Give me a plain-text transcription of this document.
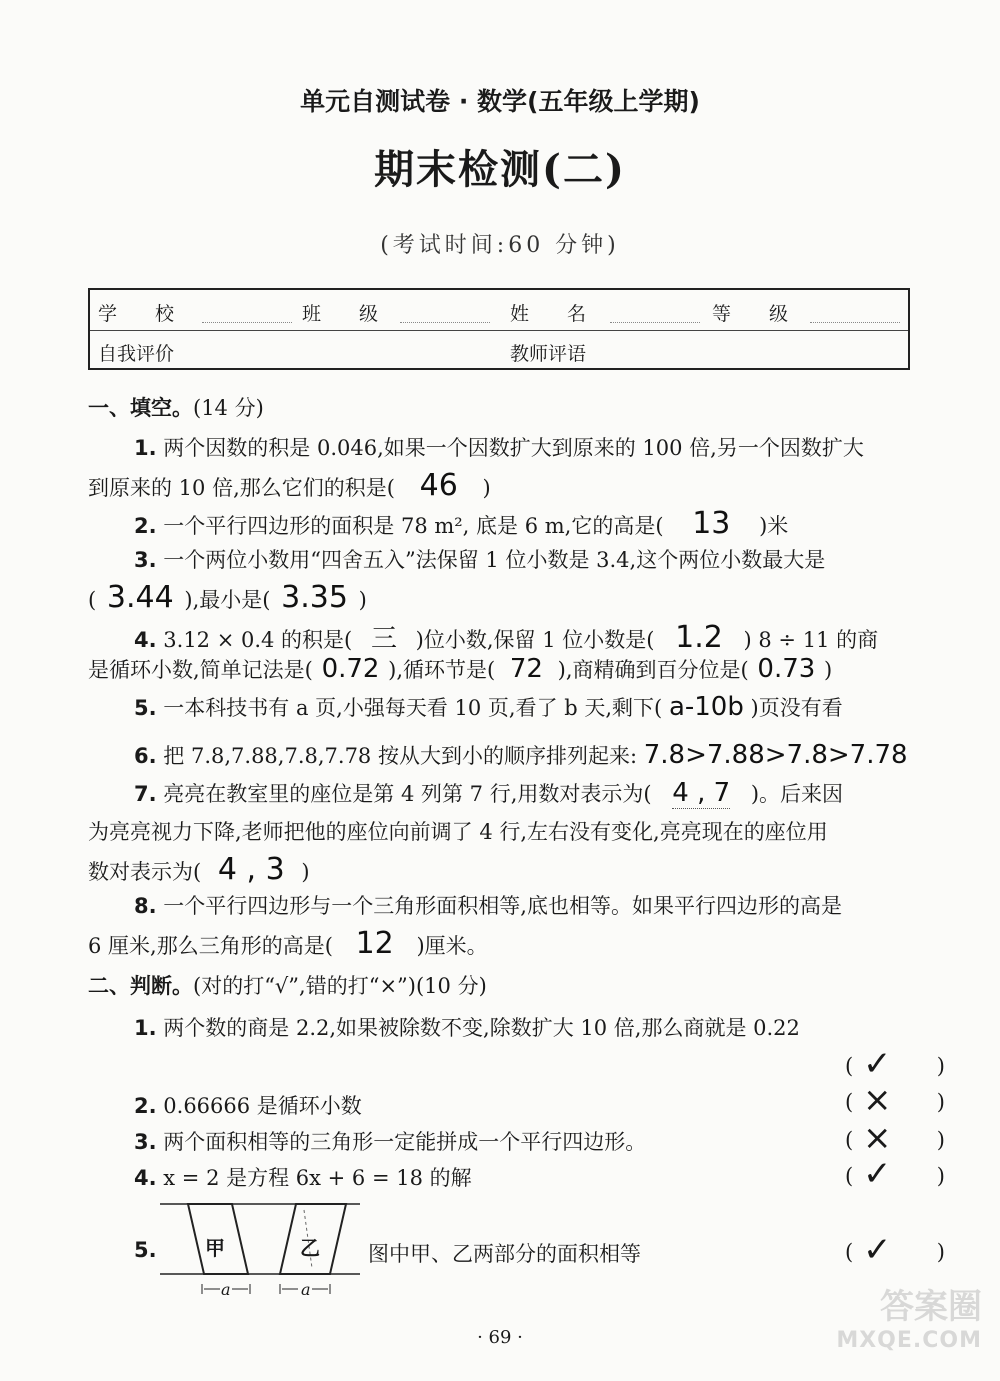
单元自测试卷 · 数学(五年级上学期)
期末检测(二)
(考试时间:60 分钟)
学　　校	班　　级	姓　　名	等　　级
自我评价	教师评语
一、填空。(14 分)
1. 两个因数的积是 0.046,如果一个因数扩大到原来的 100 倍,另一个因数扩大
到原来的 10 倍,那么它们的积是( 46 )
2. 一个平行四边形的面积是 78 m², 底是 6 m,它的高是( 13 )米
3. 一个两位小数用“四舍五入”法保留 1 位小数是 3.4,这个两位小数最大是
( 3.44 ),最小是( 3.35 )
4. 3.12 × 0.4 的积是( 三 )位小数,保留 1 位小数是( 1.2 ) 8 ÷ 11 的商
是循环小数,简单记法是( 0.72 ),循环节是( 72 ),商精确到百分位是( 0.73 )
5. 一本科技书有 a 页,小强每天看 10 页,看了 b 天,剩下( a-10b )页没有看
6. 把 7.8,7.88,7.8,7.78 按从大到小的顺序排列起来: 7.8>7.88>7.8>7.78
7. 亮亮在教室里的座位是第 4 列第 7 行,用数对表示为( 4 , 7 )。后来因
为亮亮视力下降,老师把他的座位向前调了 4 行,左右没有变化,亮亮现在的座位用
数对表示为( 4 , 3 )
8. 一个平行四边形与一个三角形面积相等,底也相等。如果平行四边形的高是
6 厘米,那么三角形的高是( 12 )厘米。
二、判断。(对的打“√”,错的打“×”)(10 分)
1. 两个数的商是 2.2,如果被除数不变,除数扩大 10 倍,那么商就是 0.22
( ✓ )
2. 0.66666 是循环小数	( × )
3. 两个面积相等的三角形一定能拼成一个平行四边形。	( × )
4. x = 2 是方程 6x + 6 = 18 的解	( ✓ )
5. 甲	乙
a	a
图中甲、乙两部分的面积相等	( ✓ )
· 69 ·
答案圈
MXQE.COM
